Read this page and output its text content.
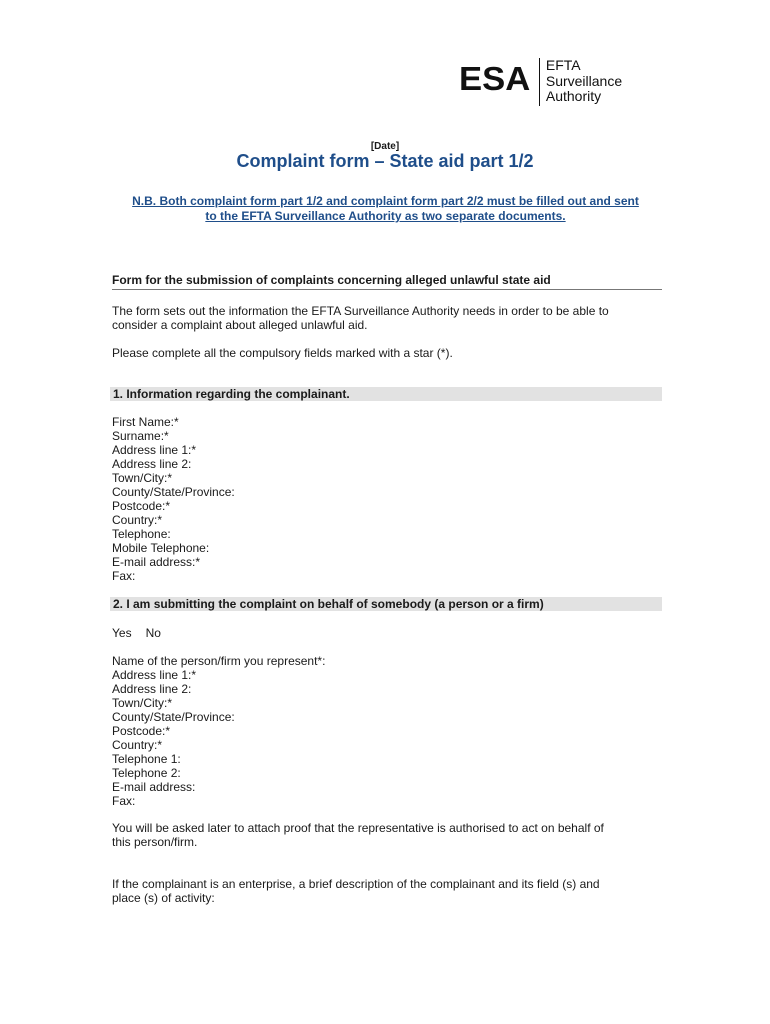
ESA EFTA
Surveillance
Authority
[Date]
Complaint form – State aid part 1/2
N.B. Both complaint form part 1/2 and complaint form part 2/2 must be filled out and sent
to the EFTA Surveillance Authority as two separate documents.
Form for the submission of complaints concerning alleged unlawful state aid
The form sets out the information the EFTA Surveillance Authority needs in order to be able to
consider a complaint about alleged unlawful aid.
Please complete all the compulsory fields marked with a star (*).
1. Information regarding the complainant.
First Name:*
Surname:*
Address line 1:*
Address line 2:
Town/City:*
County/State/Province:
Postcode:*
Country:*
Telephone:
Mobile Telephone:
E-mail address:*
Fax:
2. I am submitting the complaint on behalf of somebody (a person or a firm)
Yes No
Name of the person/firm you represent*:
Address line 1:*
Address line 2:
Town/City:*
County/State/Province:
Postcode:*
Country:*
Telephone 1:
Telephone 2:
E-mail address:
Fax:
You will be asked later to attach proof that the representative is authorised to act on behalf of
this person/firm.
If the complainant is an enterprise, a brief description of the complainant and its field (s) and
place (s) of activity:
